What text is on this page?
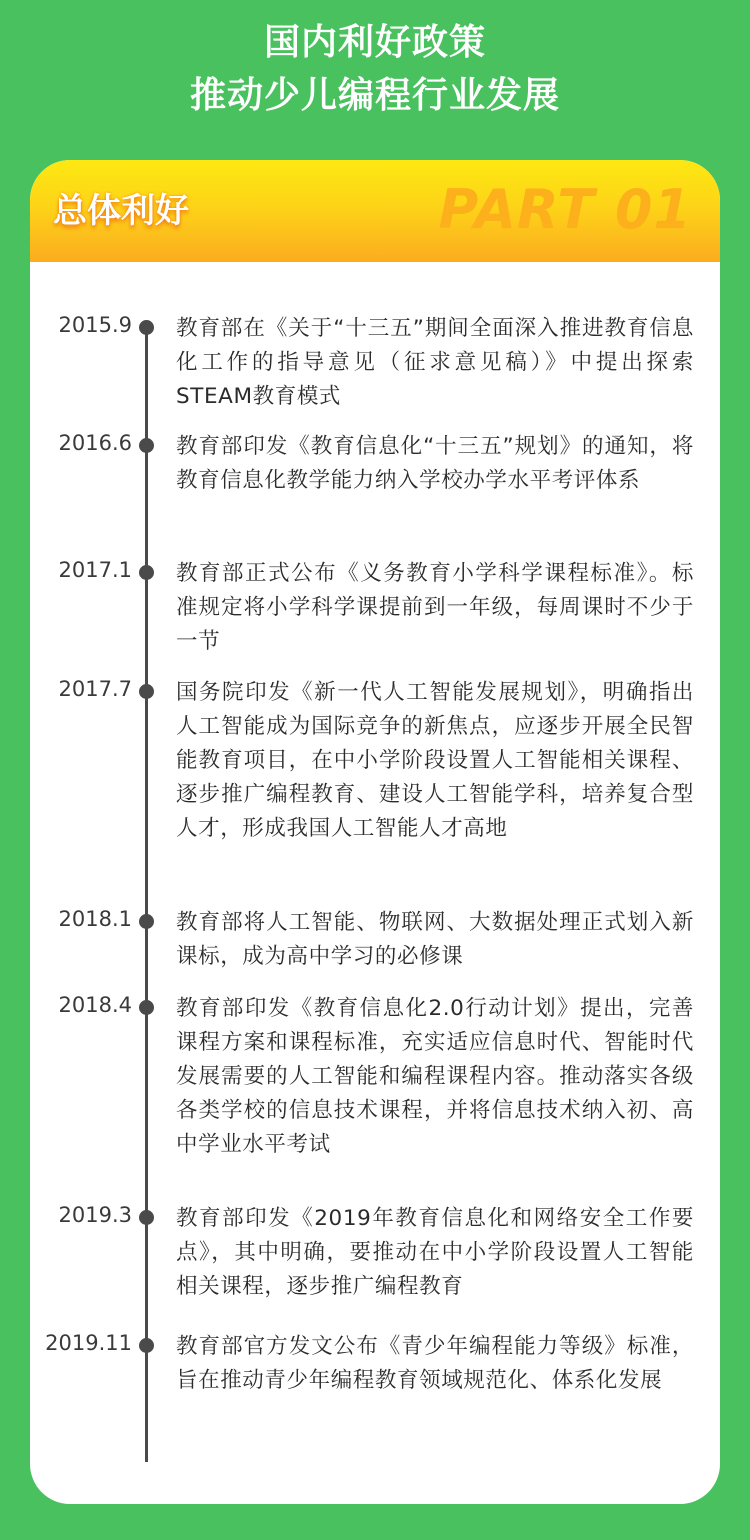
国内利好政策
推动少儿编程行业发展
总体利好	PART 01
2015.9 教育部在《关于“十三五”期间全面深入推进教育信息化工作的指导意见（征求意见稿）》中提出探索STEAM教育模式
2016.6 教育部印发《教育信息化“十三五”规划》的通知，将教育信息化教学能力纳入学校办学水平考评体系
2017.1 教育部正式公布《义务教育小学科学课程标准》。标准规定将小学科学课提前到一年级，每周课时不少于一节
2017.7 国务院印发《新一代人工智能发展规划》，明确指出人工智能成为国际竞争的新焦点，应逐步开展全民智能教育项目，在中小学阶段设置人工智能相关课程、逐步推广编程教育、建设人工智能学科，培养复合型人才，形成我国人工智能人才高地
2018.1 教育部将人工智能、物联网、大数据处理正式划入新课标，成为高中学习的必修课
2018.4 教育部印发《教育信息化2.0行动计划》提出，完善课程方案和课程标准，充实适应信息时代、智能时代发展需要的人工智能和编程课程内容。推动落实各级各类学校的信息技术课程，并将信息技术纳入初、高中学业水平考试
2019.3 教育部印发《2019年教育信息化和网络安全工作要点》，其中明确，要推动在中小学阶段设置人工智能相关课程，逐步推广编程教育
2019.11 教育部官方发文公布《青少年编程能力等级》标准，旨在推动青少年编程教育领域规范化、体系化发展
